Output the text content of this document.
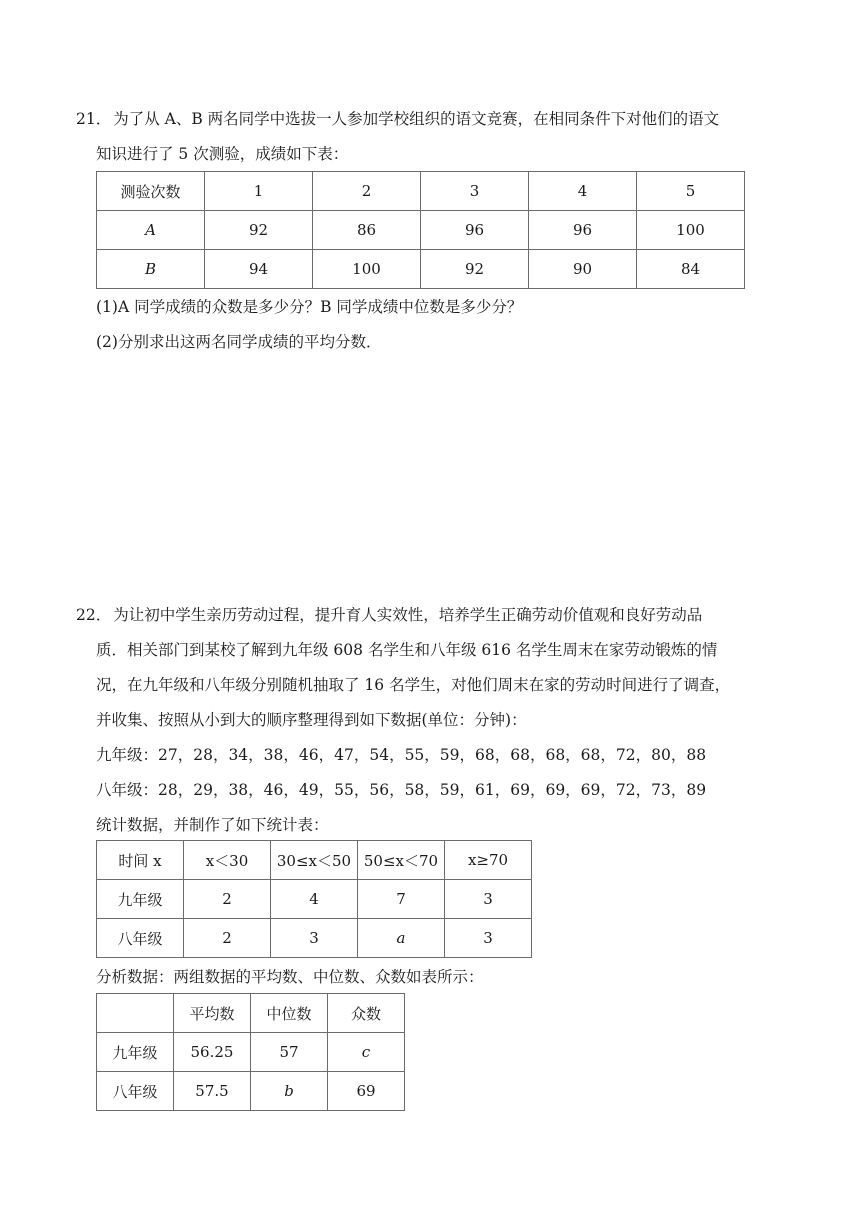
21． 为了从 A、B 两名同学中选拔一人参加学校组织的语文竞赛，在相同条件下对他们的语文
知识进行了 5 次测验，成绩如下表：
测验次数	1	2	3	4	5
A	92	86	96	96	100
B	94	100	92	90	84
(1)A 同学成绩的众数是多少分？B 同学成绩中位数是多少分？
(2)分别求出这两名同学成绩的平均分数．
22． 为让初中学生亲历劳动过程，提升育人实效性，培养学生正确劳动价值观和良好劳动品
质．相关部门到某校了解到九年级 608 名学生和八年级 616 名学生周末在家劳动锻炼的情
况，在九年级和八年级分别随机抽取了 16 名学生，对他们周末在家的劳动时间进行了调查，
并收集、按照从小到大的顺序整理得到如下数据(单位：分钟)：
九年级：27，28，34，38，46，47，54，55，59，68，68，68，68，72，80，88
八年级：28，29，38，46，49，55，56，58，59，61，69，69，69，72，73，89
统计数据，并制作了如下统计表：
时间 x	x＜30	30≤x＜50	50≤x＜70	x≥70
九年级	2	4	7	3
八年级	2	3	a	3
分析数据：两组数据的平均数、中位数、众数如表所示：
	平均数	中位数	众数
九年级	56.25	57	c
八年级	57.5	b	69
